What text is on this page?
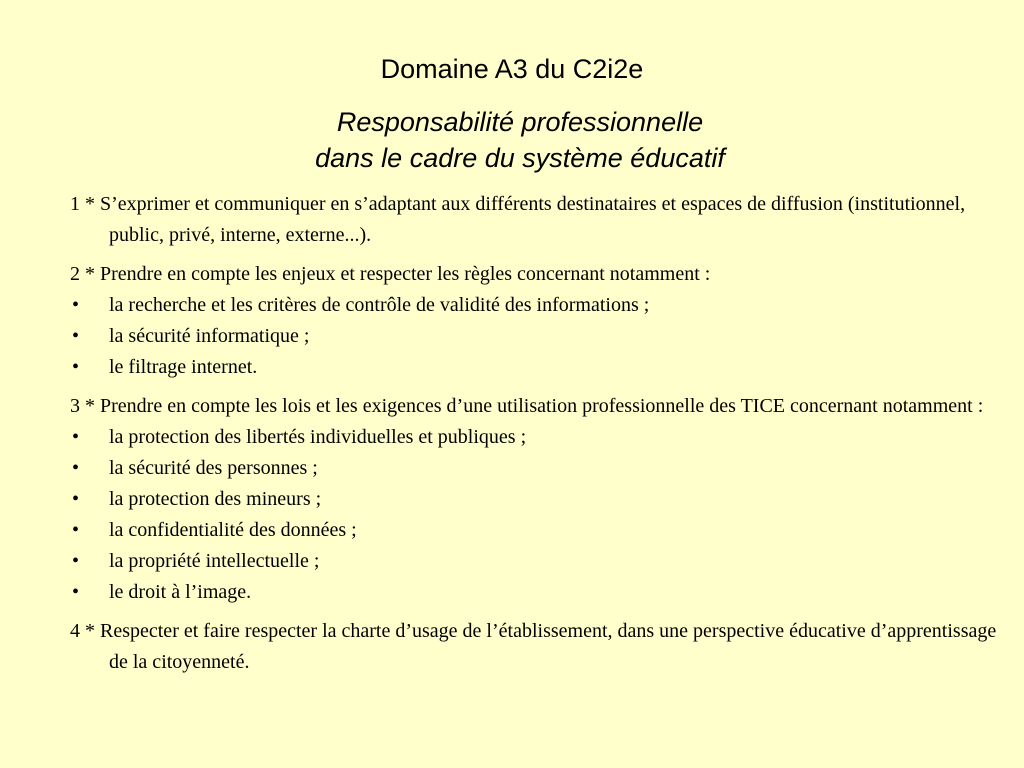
Domaine A3 du C2i2e
Responsabilité professionnelle
dans le cadre du système éducatif

1 * S’exprimer et communiquer en s’adaptant aux différents destinataires et espaces de diffusion (institutionnel, public, privé, interne, externe...).

2 * Prendre en compte les enjeux et respecter les règles concernant notamment :

• la recherche et les critères de contrôle de validité des informations ;
• la sécurité informatique ;
• le filtrage internet.

3 * Prendre en compte les lois et les exigences d’une utilisation professionnelle des TICE concernant notamment :

• la protection des libertés individuelles et publiques ;
• la sécurité des personnes ;
• la protection des mineurs ;
• la confidentialité des données ;
• la propriété intellectuelle ;
• le droit à l’image.

4 * Respecter et faire respecter la charte d’usage de l’établissement, dans une perspective éducative d’apprentissage de la citoyenneté.
